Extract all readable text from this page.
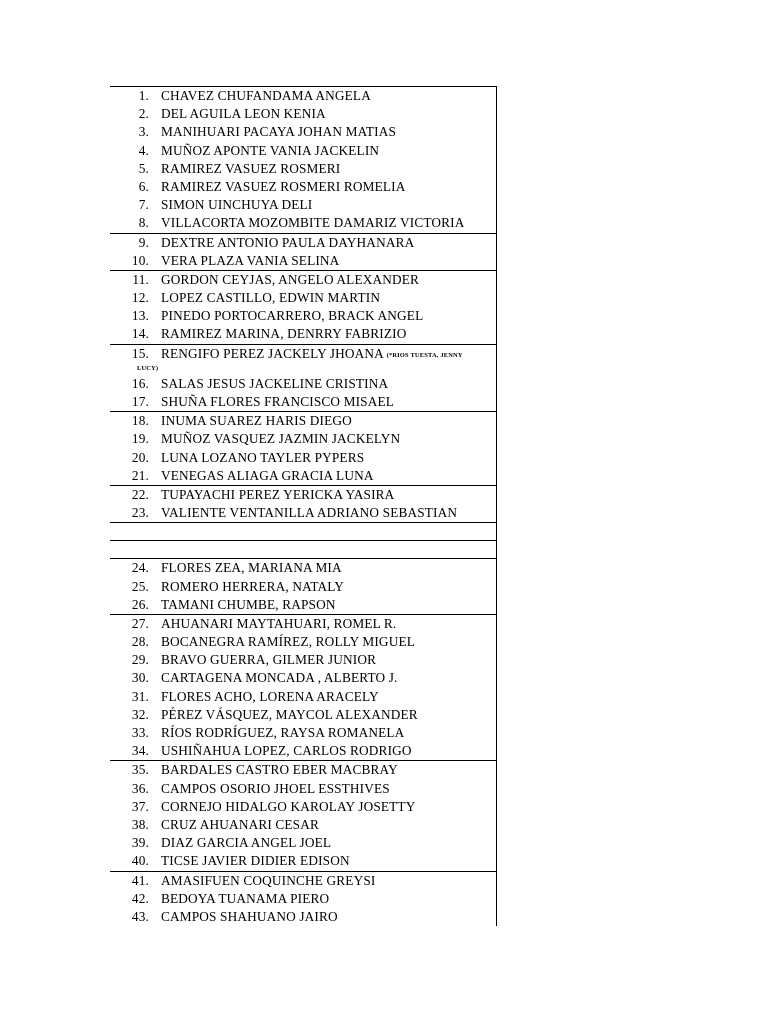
1. CHAVEZ CHUFANDAMA ANGELA
2. DEL AGUILA LEON KENIA
3. MANIHUARI PACAYA JOHAN MATIAS
4. MUÑOZ APONTE VANIA JACKELIN
5. RAMIREZ VASUEZ ROSMERI
6. RAMIREZ VASUEZ ROSMERI ROMELIA
7. SIMON UINCHUYA DELI
8. VILLACORTA MOZOMBITE DAMARIZ VICTORIA
9. DEXTRE ANTONIO PAULA DAYHANARA
10. VERA PLAZA VANIA SELINA
11. GORDON CEYJAS, ANGELO ALEXANDER
12. LOPEZ CASTILLO, EDWIN MARTIN
13. PINEDO PORTOCARRERO, BRACK ANGEL
14. RAMIREZ MARINA, DENRRY FABRIZIO
15. RENGIFO PEREZ JACKELY JHOANA $^{(*RIOS TUESTA, JENNY}$
LUCY)
16. SALAS JESUS JACKELINE CRISTINA
17. SHUÑA FLORES FRANCISCO MISAEL
18. INUMA SUAREZ HARIS DIEGO
19. MUÑOZ VASQUEZ JAZMIN JACKELYN
20. LUNA LOZANO TAYLER PYPERS
21. VENEGAS ALIAGA GRACIA LUNA
22. TUPAYACHI PEREZ YERICKA YASIRA
23. VALIENTE VENTANILLA ADRIANO SEBASTIAN
24. FLORES ZEA, MARIANA MIA
25. ROMERO HERRERA, NATALY
26. TAMANI CHUMBE, RAPSON
27. AHUANARI MAYTAHUARI, ROMEL R.
28. BOCANEGRA RAMÍREZ, ROLLY MIGUEL
29. BRAVO GUERRA, GILMER JUNIOR
30. CARTAGENA MONCADA , ALBERTO J.
31. FLORES ACHO, LORENA ARACELY
32. PÉREZ VÁSQUEZ, MAYCOL ALEXANDER
33. RÍOS RODRÍGUEZ, RAYSA ROMANELA
34. USHIÑAHUA LOPEZ, CARLOS RODRIGO
35. BARDALES CASTRO EBER MACBRAY
36. CAMPOS OSORIO JHOEL ESSTHIVES
37. CORNEJO HIDALGO KAROLAY JOSETTY
38. CRUZ AHUANARI CESAR
39. DIAZ GARCIA ANGEL JOEL
40. TICSE JAVIER DIDIER EDISON
41. AMASIFUEN COQUINCHE GREYSI
42. BEDOYA TUANAMA PIERO
43. CAMPOS SHAHUANO JAIRO
